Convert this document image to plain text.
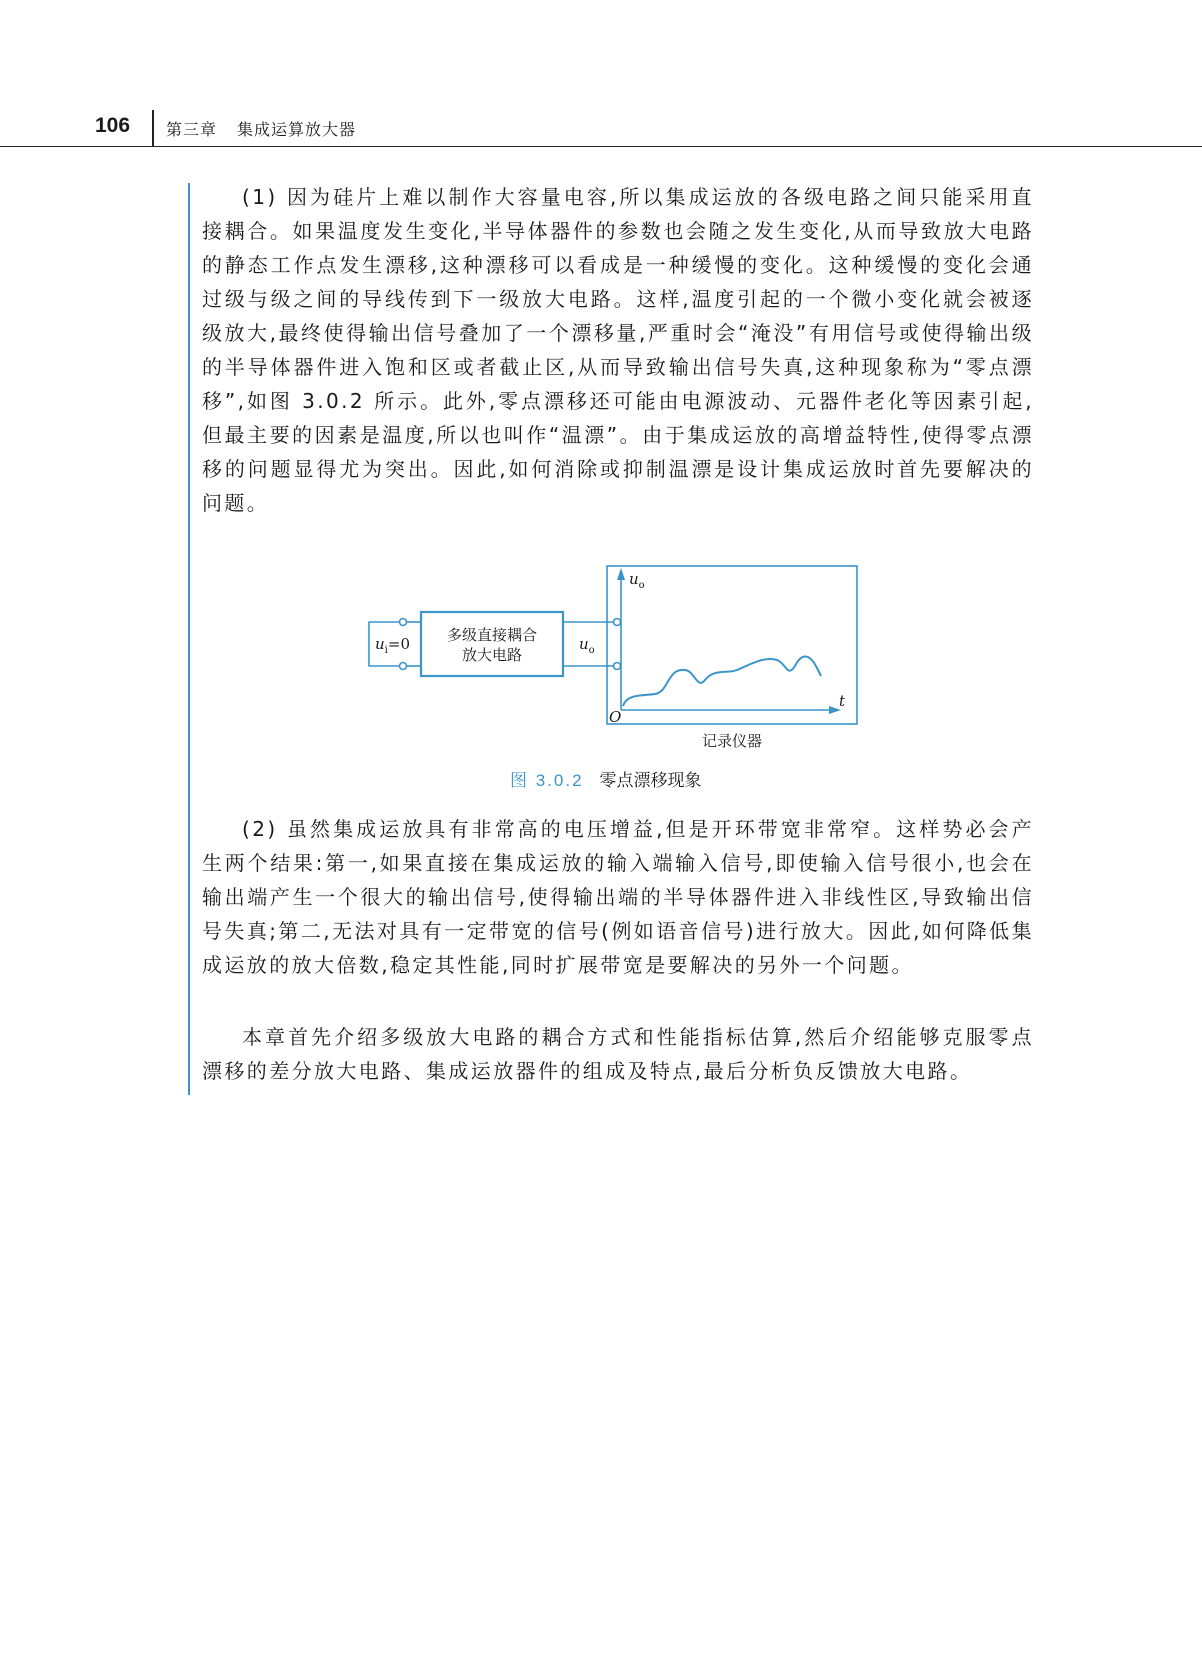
106 第三章 集成运算放大器

(1) 因为硅片上难以制作大容量电容,所以集成运放的各级电路之间只能采用直接耦合。如果温度发生变化,半导体器件的参数也会随之发生变化,从而导致放大电路的静态工作点发生漂移,这种漂移可以看成是一种缓慢的变化。这种缓慢的变化会通过级与级之间的导线传到下一级放大电路。这样,温度引起的一个微小变化就会被逐级放大,最终使得输出信号叠加了一个漂移量,严重时会“淹没”有用信号或使得输出级的半导体器件进入饱和区或者截止区,从而导致输出信号失真,这种现象称为“零点漂移”,如图 3.0.2 所示。此外,零点漂移还可能由电源波动、元器件老化等因素引起,但最主要的因素是温度,所以也叫作“温漂”。由于集成运放的高增益特性,使得零点漂移的问题显得尤为突出。因此,如何消除或抑制温漂是设计集成运放时首先要解决的问题。

$u_i=0$ 多级直接耦合
放大电路
$u_o$
$u_o$
t
O
记录仪器
图 3.0.2 零点漂移现象

(2) 虽然集成运放具有非常高的电压增益,但是开环带宽非常窄。这样势必会产生两个结果:第一,如果直接在集成运放的输入端输入信号,即使输入信号很小,也会在输出端产生一个很大的输出信号,使得输出端的半导体器件进入非线性区,导致输出信号失真;第二,无法对具有一定带宽的信号(例如语音信号)进行放大。因此,如何降低集成运放的放大倍数,稳定其性能,同时扩展带宽是要解决的另外一个问题。

本章首先介绍多级放大电路的耦合方式和性能指标估算,然后介绍能够克服零点漂移的差分放大电路、集成运放器件的组成及特点,最后分析负反馈放大电路。
